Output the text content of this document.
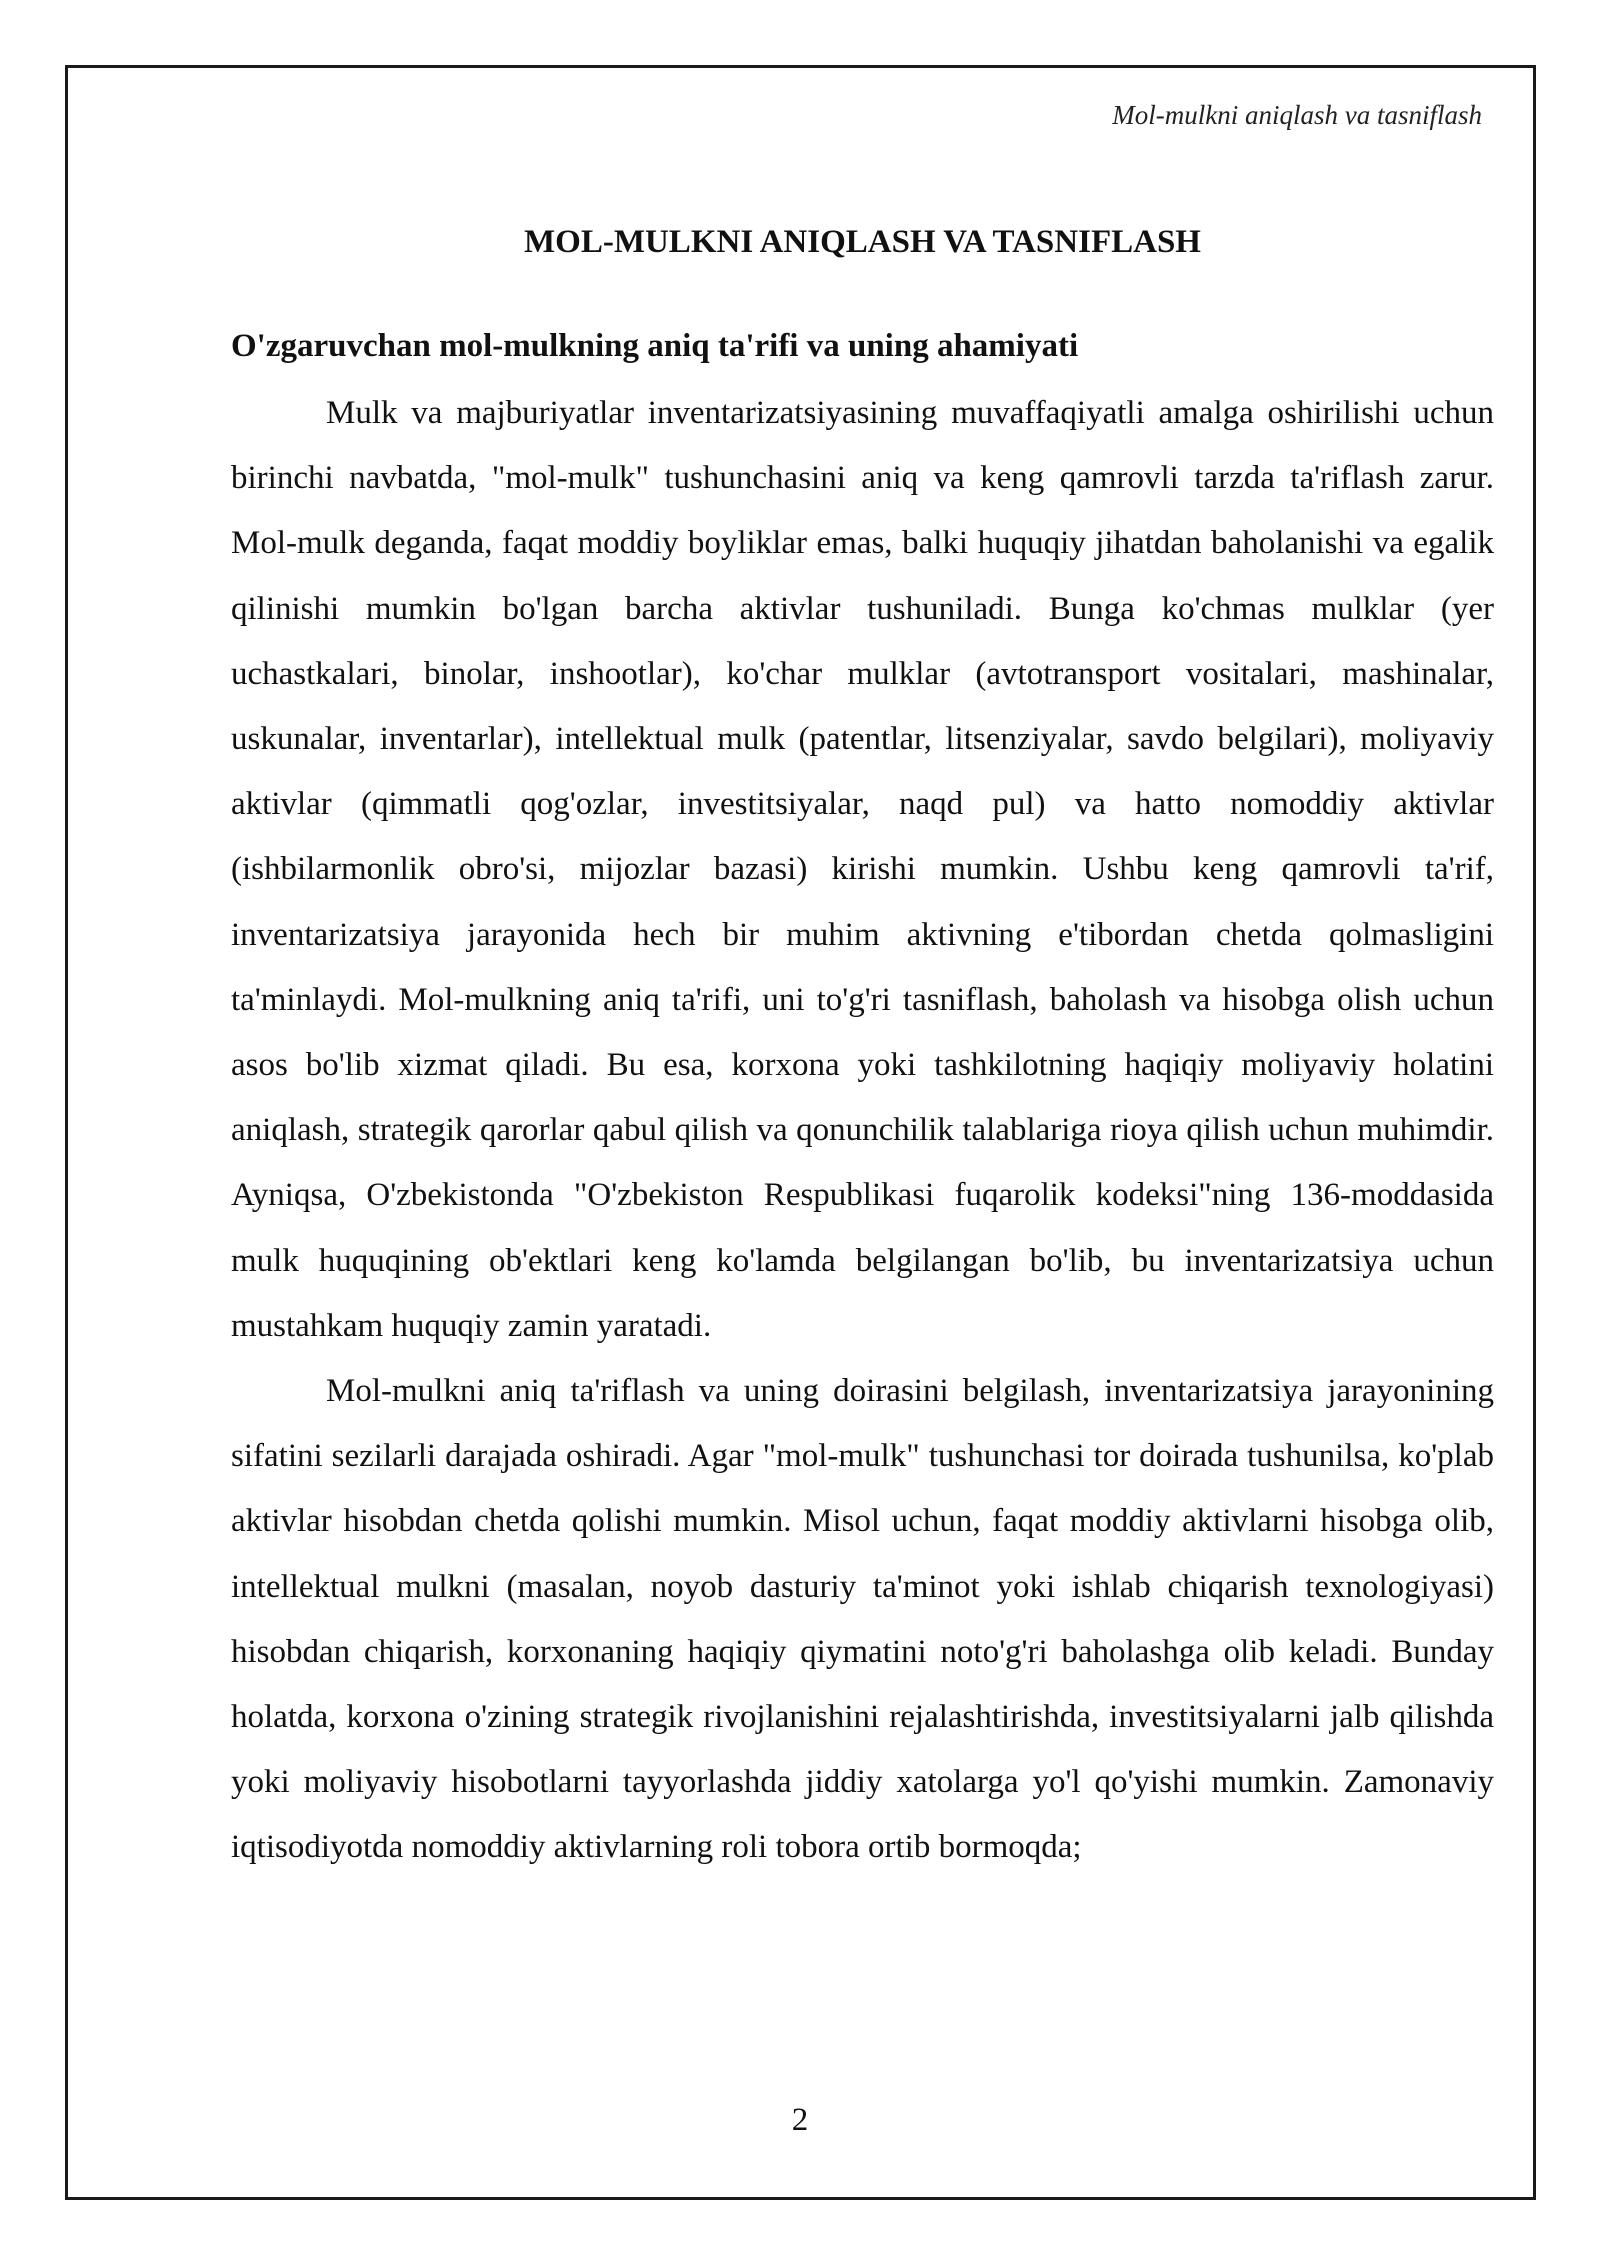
Mol-mulkni aniqlash va tasniflash
MOL-MULKNI ANIQLASH VA TASNIFLASH
O'zgaruvchan mol-mulkning aniq ta'rifi va uning ahamiyati

Mulk va majburiyatlar inventarizatsiyasining muvaffaqiyatli amalga oshirilishi uchun birinchi navbatda, "mol-mulk" tushunchasini aniq va keng qamrovli tarzda ta'riflash zarur. Mol-mulk deganda, faqat moddiy boyliklar emas, balki huquqiy jihatdan baholanishi va egalik qilinishi mumkin bo'lgan barcha aktivlar tushuniladi. Bunga ko'chmas mulklar (yer uchastkalari, binolar, inshootlar), ko'char mulklar (avtotransport vositalari, mashinalar, uskunalar, inventarlar), intellektual mulk (patentlar, litsenziyalar, savdo belgilari), moliyaviy aktivlar (qimmatli qog'ozlar, investitsiyalar, naqd pul) va hatto nomoddiy aktivlar (ishbilarmonlik obro'si, mijozlar bazasi) kirishi mumkin. Ushbu keng qamrovli ta'rif, inventarizatsiya jarayonida hech bir muhim aktivning e'tibordan chetda qolmasligini ta'minlaydi. Mol-mulkning aniq ta'rifi, uni to'g'ri tasniflash, baholash va hisobga olish uchun asos bo'lib xizmat qiladi. Bu esa, korxona yoki tashkilotning haqiqiy moliyaviy holatini aniqlash, strategik qarorlar qabul qilish va qonunchilik talablariga rioya qilish uchun muhimdir. Ayniqsa, O'zbekistonda "O'zbekiston Respublikasi fuqarolik kodeksi"ning 136-moddasida mulk huquqining ob'ektlari keng ko'lamda belgilangan bo'lib, bu inventarizatsiya uchun mustahkam huquqiy zamin yaratadi.

Mol-mulkni aniq ta'riflash va uning doirasini belgilash, inventarizatsiya jarayonining sifatini sezilarli darajada oshiradi. Agar "mol-mulk" tushunchasi tor doirada tushunilsa, ko'plab aktivlar hisobdan chetda qolishi mumkin. Misol uchun, faqat moddiy aktivlarni hisobga olib, intellektual mulkni (masalan, noyob dasturiy ta'minot yoki ishlab chiqarish texnologiyasi) hisobdan chiqarish, korxonaning haqiqiy qiymatini noto'g'ri baholashga olib keladi. Bunday holatda, korxona o'zining strategik rivojlanishini rejalashtirishda, investitsiyalarni jalb qilishda yoki moliyaviy hisobotlarni tayyorlashda jiddiy xatolarga yo'l qo'yishi mumkin. Zamonaviy iqtisodiyotda nomoddiy aktivlarning roli tobora ortib bormoqda;

2
